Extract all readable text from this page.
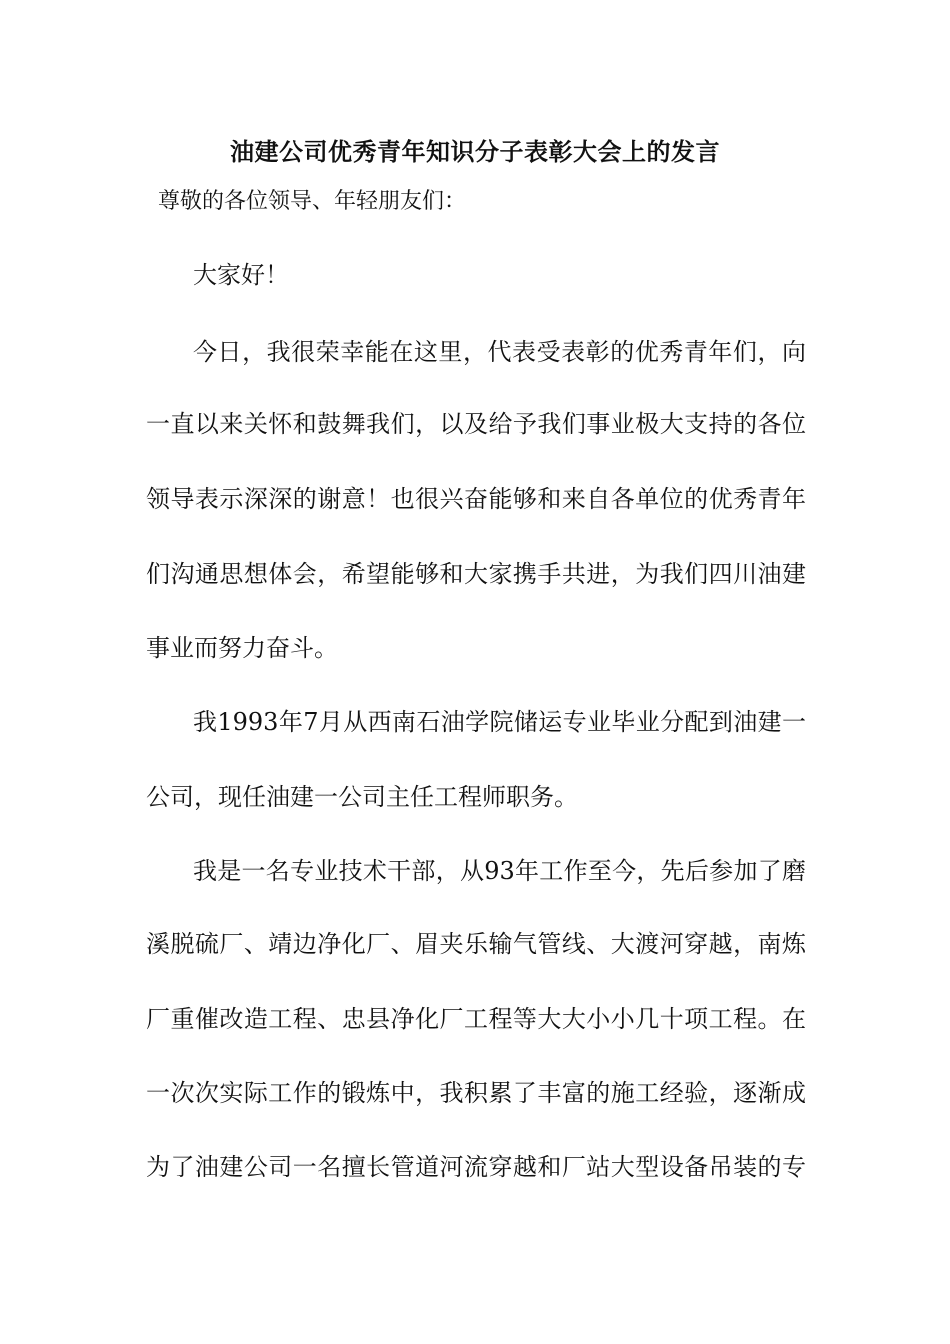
油建公司优秀青年知识分子表彰大会上的发言

尊敬的各位领导、年轻朋友们：

大家好！

今日，我很荣幸能在这里，代表受表彰的优秀青年们，向

一直以来关怀和鼓舞我们，以及给予我们事业极大支持的各位

领导表示深深的谢意！也很兴奋能够和来自各单位的优秀青年

们沟通思想体会，希望能够和大家携手共进，为我们四川油建

事业而努力奋斗。

我1993年7月从西南石油学院储运专业毕业分配到油建一

公司，现任油建一公司主任工程师职务。

我是一名专业技术干部，从93年工作至今，先后参加了磨

溪脱硫厂、靖边净化厂、眉夹乐输气管线、大渡河穿越，南炼

厂重催改造工程、忠县净化厂工程等大大小小几十项工程。在

一次次实际工作的锻炼中，我积累了丰富的施工经验，逐渐成

为了油建公司一名擅长管道河流穿越和厂站大型设备吊装的专
